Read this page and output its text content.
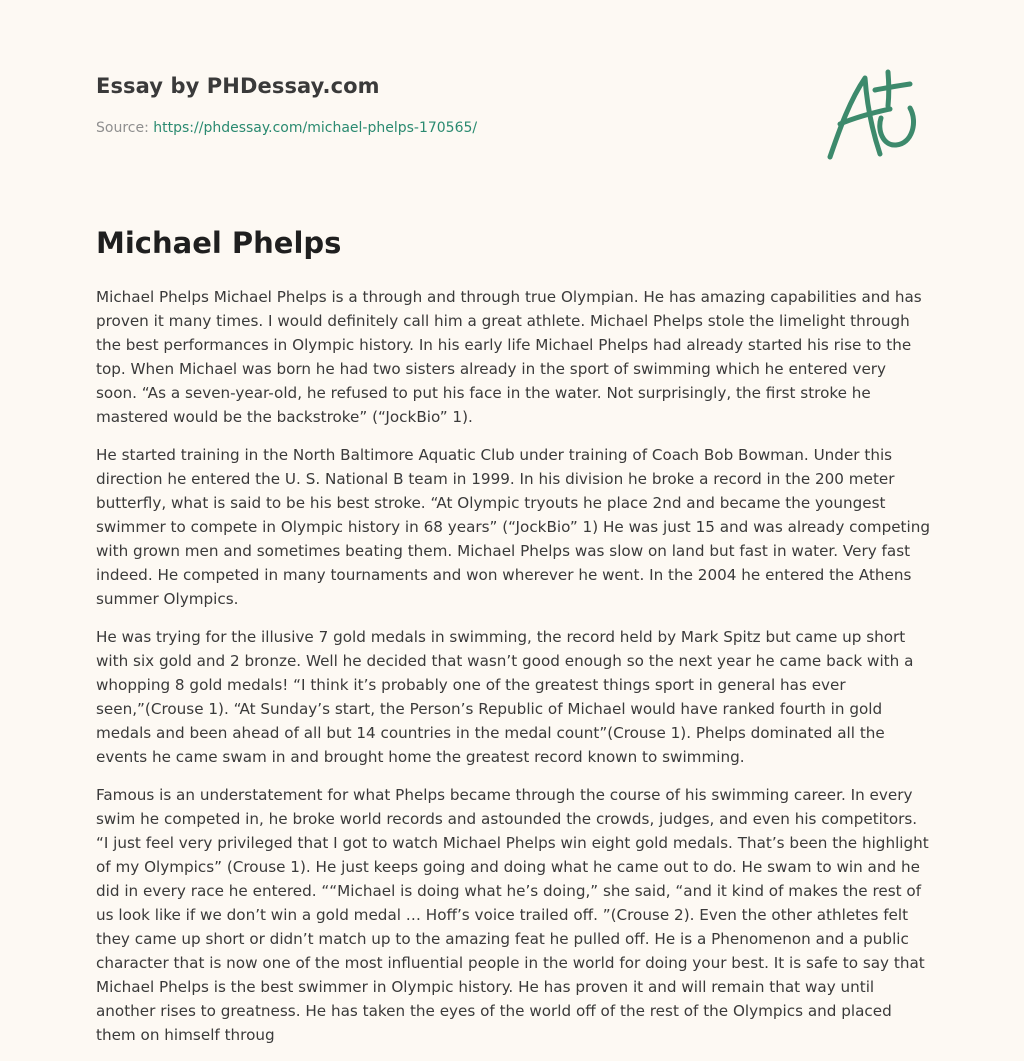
Essay by PHDessay.com
Source: https://phdessay.com/michael-phelps-170565/
Michael Phelps

Michael Phelps Michael Phelps is a through and through true Olympian. He has amazing capabilities and has proven it many times. I would definitely call him a great athlete. Michael Phelps stole the limelight through the best performances in Olympic history. In his early life Michael Phelps had already started his rise to the top. When Michael was born he had two sisters already in the sport of swimming which he entered very soon. “As a seven-year-old, he refused to put his face in the water. Not surprisingly, the first stroke he mastered would be the backstroke” (“JockBio” 1).

He started training in the North Baltimore Aquatic Club under training of Coach Bob Bowman. Under this direction he entered the U. S. National B team in 1999. In his division he broke a record in the 200 meter butterfly, what is said to be his best stroke. “At Olympic tryouts he place 2nd and became the youngest swimmer to compete in Olympic history in 68 years” (“JockBio” 1) He was just 15 and was already competing with grown men and sometimes beating them. Michael Phelps was slow on land but fast in water. Very fast indeed. He competed in many tournaments and won wherever he went. In the 2004 he entered the Athens summer Olympics.

He was trying for the illusive 7 gold medals in swimming, the record held by Mark Spitz but came up short with six gold and 2 bronze. Well he decided that wasn’t good enough so the next year he came back with a whopping 8 gold medals! “I think it’s probably one of the greatest things sport in general has ever seen,”(Crouse 1). “At Sunday’s start, the Person’s Republic of Michael would have ranked fourth in gold medals and been ahead of all but 14 countries in the medal count”(Crouse 1). Phelps dominated all the events he came swam in and brought home the greatest record known to swimming.

Famous is an understatement for what Phelps became through the course of his swimming career. In every swim he competed in, he broke world records and astounded the crowds, judges, and even his competitors. “I just feel very privileged that I got to watch Michael Phelps win eight gold medals. That’s been the highlight of my Olympics” (Crouse 1). He just keeps going and doing what he came out to do. He swam to win and he did in every race he entered. ““Michael is doing what he’s doing,” she said, “and it kind of makes the rest of us look like if we don’t win a gold medal … Hoff’s voice trailed off. ”(Crouse 2). Even the other athletes felt they came up short or didn’t match up to the amazing feat he pulled off. He is a Phenomenon and a public character that is now one of the most influential people in the world for doing your best. It is safe to say that Michael Phelps is the best swimmer in Olympic history. He has proven it and will remain that way until another rises to greatness. He has taken the eyes of the world off of the rest of the Olympics and placed them on himself throug
